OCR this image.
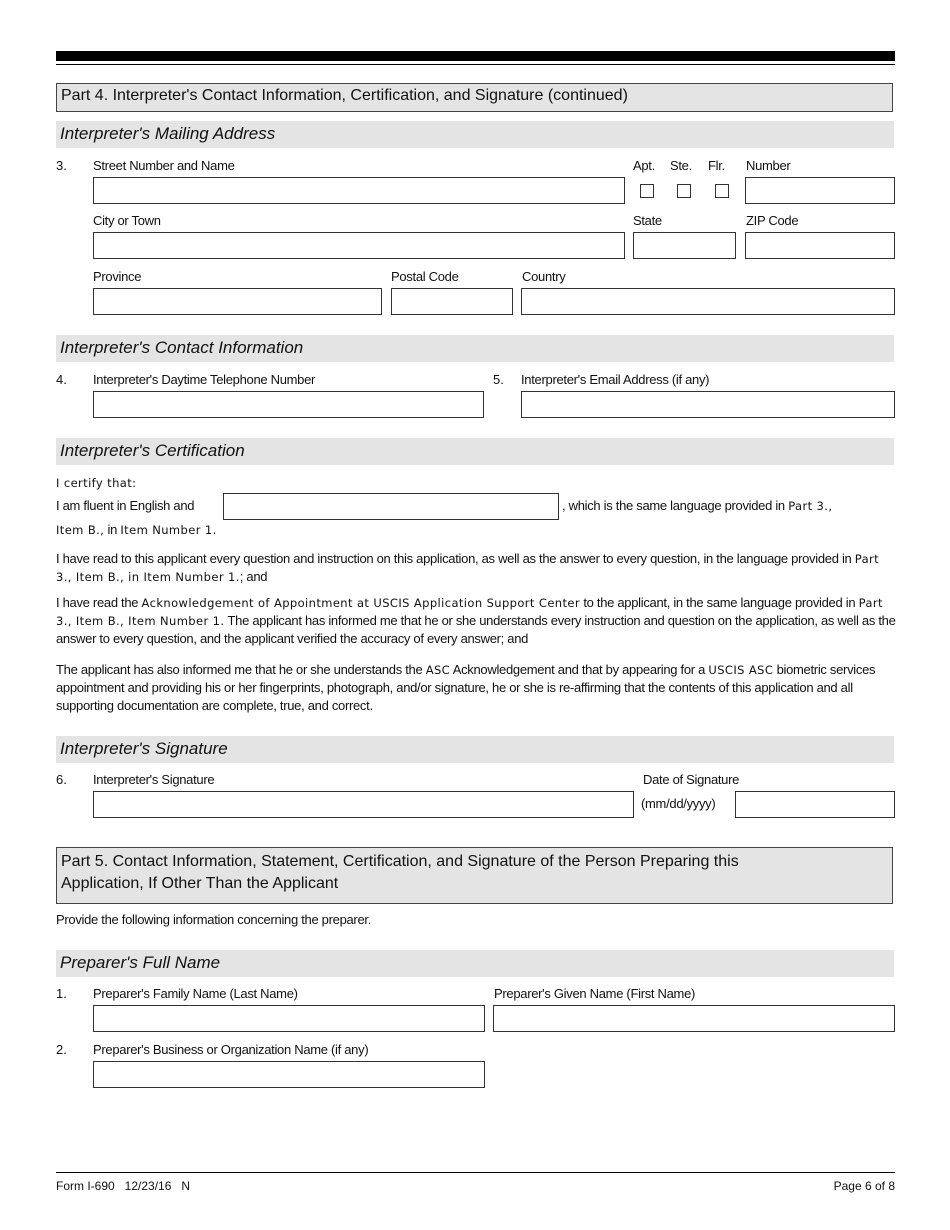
Part 4. Interpreter's Contact Information, Certification, and Signature (continued)
Interpreter's Mailing Address
3. Street Number and Name	Apt. Ste. Flr. Number
City or Town	State	ZIP Code
Province	Postal Code	Country
Interpreter's Contact Information
4. Interpreter's Daytime Telephone Number	5. Interpreter's Email Address (if any)
Interpreter's Certification
I certify that:
I am fluent in English and	, which is the same language provided in Part 3.,
Item B., in Item Number 1.
I have read to this applicant every question and instruction on this application, as well as the answer to every question, in the language provided in Part 3., Item B., in Item Number 1.; and
I have read the Acknowledgement of Appointment at USCIS Application Support Center to the applicant, in the same language provided in Part 3., Item B., Item Number 1. The applicant has informed me that he or she understands every instruction and question on the application, as well as the answer to every question, and the applicant verified the accuracy of every answer; and
The applicant has also informed me that he or she understands the ASC Acknowledgement and that by appearing for a USCIS ASC biometric services appointment and providing his or her fingerprints, photograph, and/or signature, he or she is re-affirming that the contents of this application and all supporting documentation are complete, true, and correct.
Interpreter's Signature
6. Interpreter's Signature	Date of Signature
(mm/dd/yyyy)
Part 5. Contact Information, Statement, Certification, and Signature of the Person Preparing this
Application, If Other Than the Applicant
Provide the following information concerning the preparer.
Preparer's Full Name
1. Preparer's Family Name (Last Name)	Preparer's Given Name (First Name)
2. Preparer's Business or Organization Name (if any)
Form I-690   12/23/16   N	Page 6 of 8
